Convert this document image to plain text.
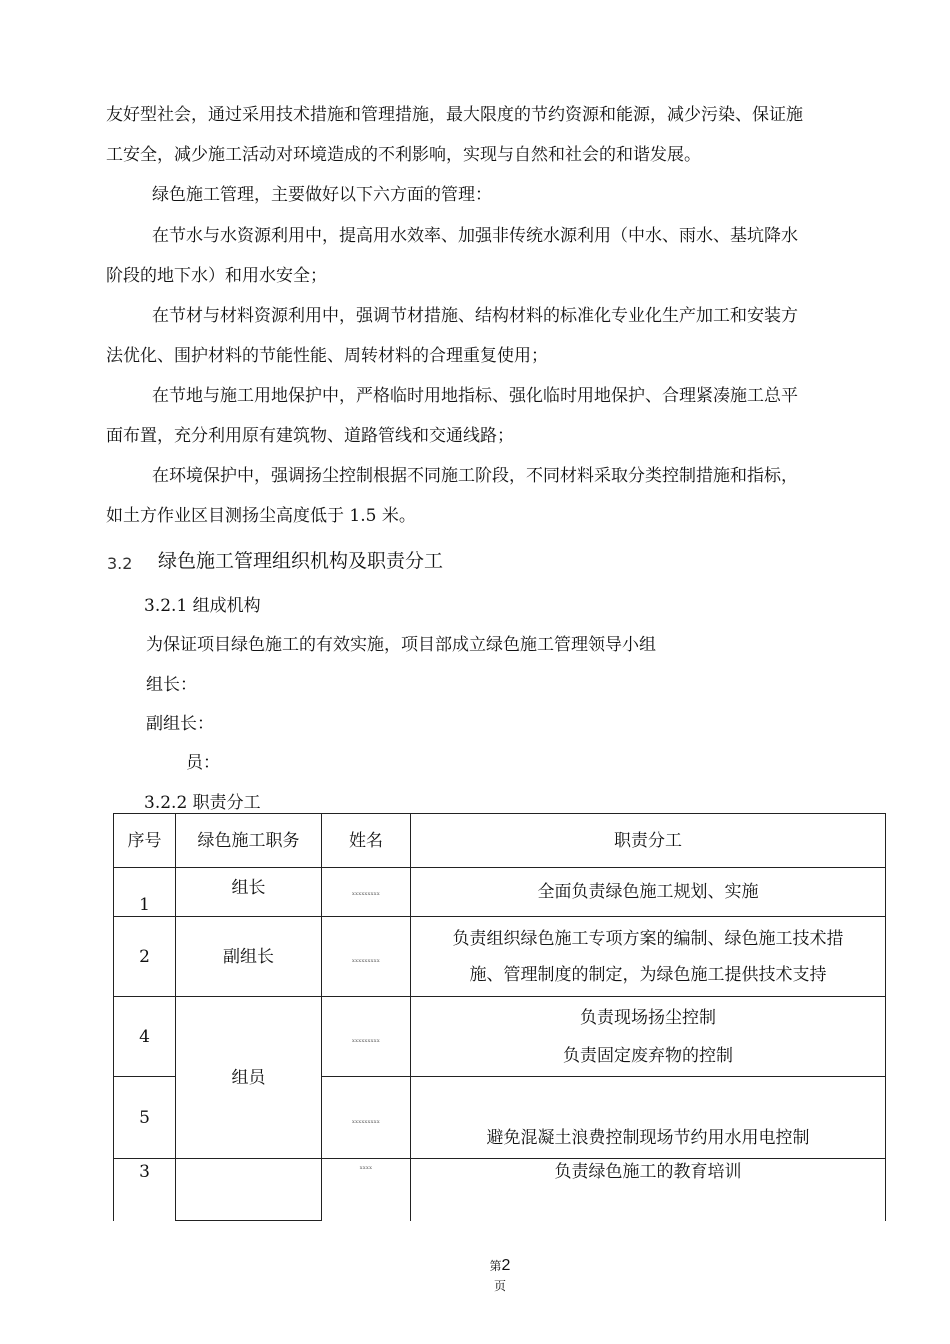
友好型社会，通过采用技术措施和管理措施，最大限度的节约资源和能源，减少污染、保证施
工安全，减少施工活动对环境造成的不利影响，实现与自然和社会的和谐发展。
绿色施工管理，主要做好以下六方面的管理：
在节水与水资源利用中，提高用水效率、加强非传统水源利用（中水、雨水、基坑降水
阶段的地下水）和用水安全；
在节材与材料资源利用中，强调节材措施、结构材料的标准化专业化生产加工和安装方
法优化、围护材料的节能性能、周转材料的合理重复使用；
在节地与施工用地保护中，严格临时用地指标、强化临时用地保护、合理紧凑施工总平
面布置，充分利用原有建筑物、道路管线和交通线路；
在环境保护中，强调扬尘控制根据不同施工阶段，不同材料采取分类控制措施和指标，
如土方作业区目测扬尘高度低于 1.5 米。
3.2 绿色施工管理组织机构及职责分工
3.2.1 组成机构
为保证项目绿色施工的有效实施，项目部成立绿色施工管理领导小组
组长：
副组长：
员：
3.2.2 职责分工
序号	绿色施工职务	姓名	职责分工
1	组长	xxxxxxxxx	全面负责绿色施工规划、实施
2	副组长	xxxxxxxxx	负责组织绿色施工专项方案的编制、绿色施工技术措
施、管理制度的制定，为绿色施工提供技术支持

4	组员	xxxxxxxxx	负责现场扬尘控制
负责固定废弃物的控制

5		xxxxxxxxx	避免混凝土浪费控制现场节约用水用电控制
3		xxxx	负责绿色施工的教育培训
第2
页
